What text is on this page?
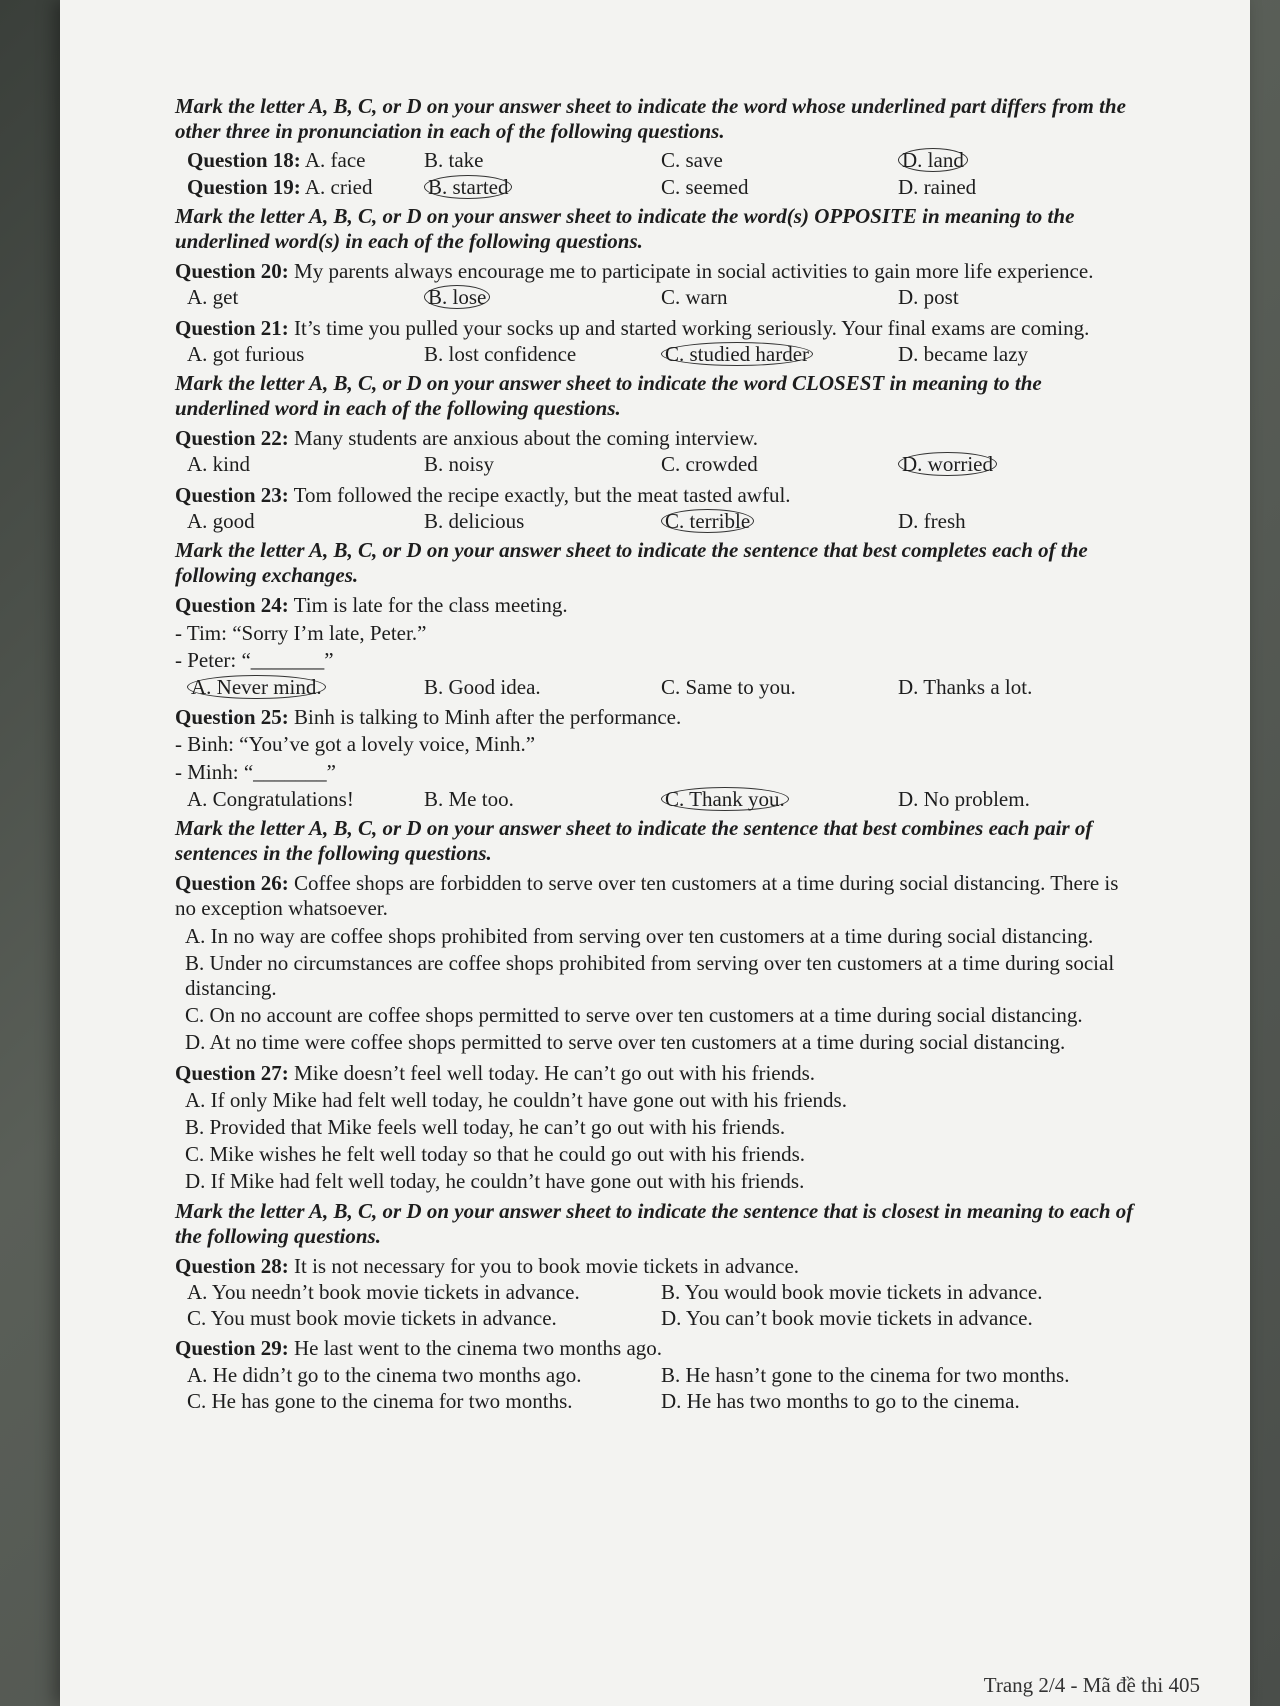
Mark the letter A, B, C, or D on your answer sheet to indicate the word whose underlined part differs from the other three in pronunciation in each of the following questions.
Question 18: A. face	B. take	C. save	D. land
Question 19: A. cried	B. started	C. seemed	D. rained
Mark the letter A, B, C, or D on your answer sheet to indicate the word(s) OPPOSITE in meaning to the underlined word(s) in each of the following questions.
Question 20: My parents always encourage me to participate in social activities to gain more life experience.
A. get	B. lose	C. warn	D. post
Question 21: It’s time you pulled your socks up and started working seriously. Your final exams are coming.
A. got furious	B. lost confidence	C. studied harder	D. became lazy
Mark the letter A, B, C, or D on your answer sheet to indicate the word CLOSEST in meaning to the underlined word in each of the following questions.
Question 22: Many students are anxious about the coming interview.
A. kind	B. noisy	C. crowded	D. worried
Question 23: Tom followed the recipe exactly, but the meat tasted awful.
A. good	B. delicious	C. terrible	D. fresh
Mark the letter A, B, C, or D on your answer sheet to indicate the sentence that best completes each of the following exchanges.
Question 24: Tim is late for the class meeting.
- Tim: “Sorry I’m late, Peter.”
- Peter: “_______”
A. Never mind.	B. Good idea.	C. Same to you.	D. Thanks a lot.
Question 25: Binh is talking to Minh after the performance.
- Binh: “You’ve got a lovely voice, Minh.”
- Minh: “_______”
A. Congratulations!	B. Me too.	C. Thank you.	D. No problem.
Mark the letter A, B, C, or D on your answer sheet to indicate the sentence that best combines each pair of sentences in the following questions.
Question 26: Coffee shops are forbidden to serve over ten customers at a time during social distancing. There is no exception whatsoever.
A. In no way are coffee shops prohibited from serving over ten customers at a time during social distancing.
B. Under no circumstances are coffee shops prohibited from serving over ten customers at a time during social distancing.
C. On no account are coffee shops permitted to serve over ten customers at a time during social distancing.
D. At no time were coffee shops permitted to serve over ten customers at a time during social distancing.
Question 27: Mike doesn’t feel well today. He can’t go out with his friends.
A. If only Mike had felt well today, he couldn’t have gone out with his friends.
B. Provided that Mike feels well today, he can’t go out with his friends.
C. Mike wishes he felt well today so that he could go out with his friends.
D. If Mike had felt well today, he couldn’t have gone out with his friends.
Mark the letter A, B, C, or D on your answer sheet to indicate the sentence that is closest in meaning to each of the following questions.
Question 28: It is not necessary for you to book movie tickets in advance.
A. You needn’t book movie tickets in advance.	B. You would book movie tickets in advance.
C. You must book movie tickets in advance.	D. You can’t book movie tickets in advance.
Question 29: He last went to the cinema two months ago.
A. He didn’t go to the cinema two months ago.	B. He hasn’t gone to the cinema for two months.
C. He has gone to the cinema for two months.	D. He has two months to go to the cinema.
Trang 2/4 - Mã đề thi 405
